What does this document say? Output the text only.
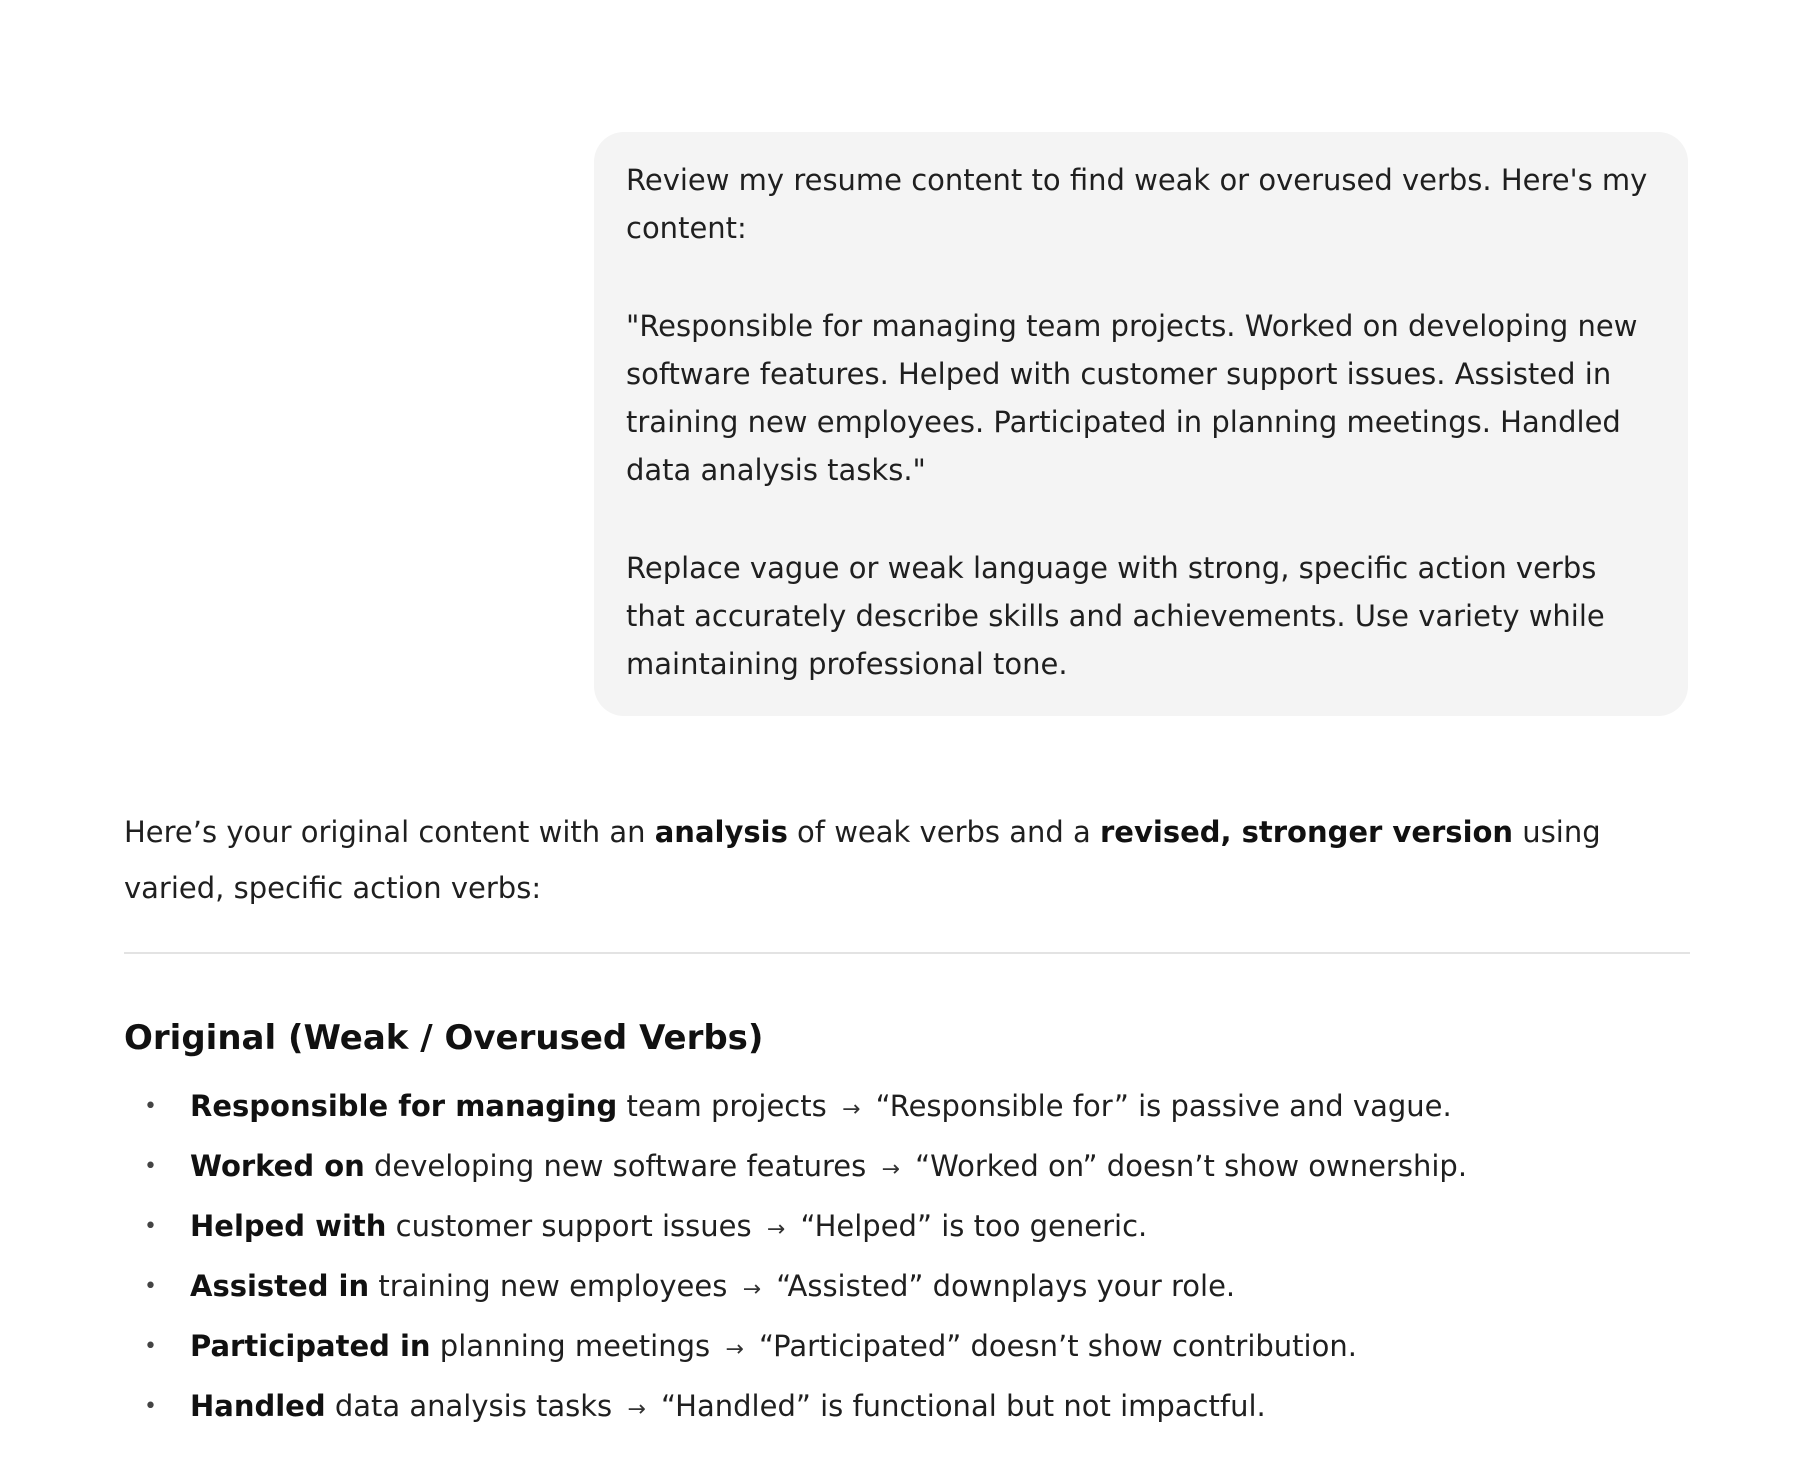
Review my resume content to find weak or overused verbs. Here's my content:

"Responsible for managing team projects. Worked on developing new software features. Helped with customer support issues. Assisted in training new employees. Participated in planning meetings. Handled data analysis tasks."

Replace vague or weak language with strong, specific action verbs that accurately describe skills and achievements. Use variety while maintaining professional tone.

Here’s your original content with an analysis of weak verbs and a revised, stronger version using varied, specific action verbs:

Original (Weak / Overused Verbs)
• Responsible for managing team projects → “Responsible for” is passive and vague.
• Worked on developing new software features → “Worked on” doesn’t show ownership.
• Helped with customer support issues → “Helped” is too generic.
• Assisted in training new employees → “Assisted” downplays your role.
• Participated in planning meetings → “Participated” doesn’t show contribution.
• Handled data analysis tasks → “Handled” is functional but not impactful.
